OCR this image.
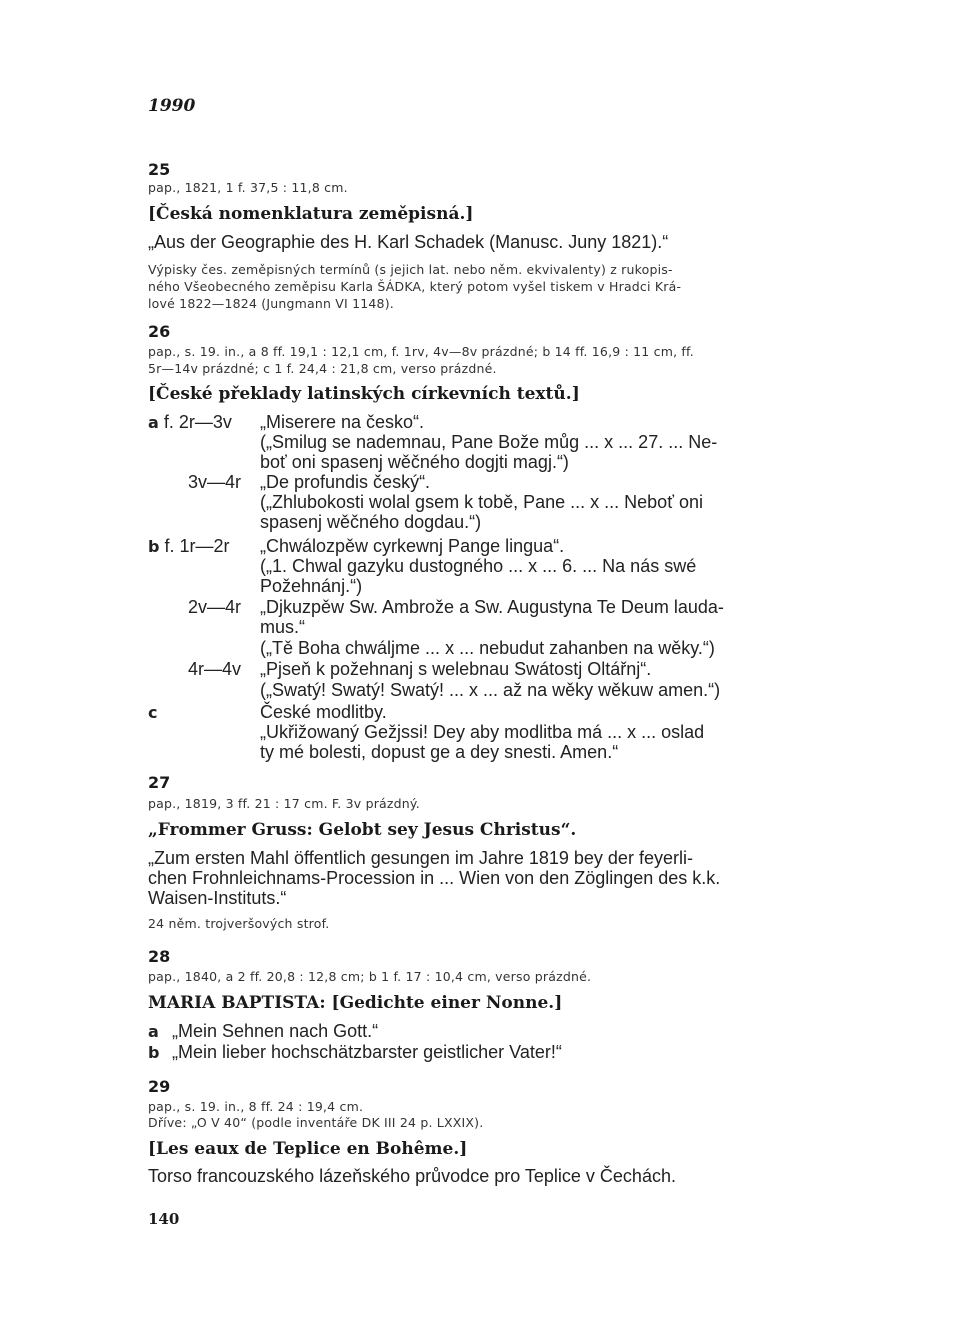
1990
25
pap., 1821, 1 f. 37,5 : 11,8 cm.
[Česká nomenklatura zeměpisná.]
„Aus der Geographie des H. Karl Schadek (Manusc. Juny 1821).“
Výpisky čes. zeměpisných termínů (s jejich lat. nebo něm. ekvivalenty) z rukopis-
ného Všeobecného zeměpisu Karla ŠÁDKA, který potom vyšel tiskem v Hradci Krá-
lové 1822—1824 (Jungmann VI 1148).
26
pap., s. 19. in., a 8 ff. 19,1 : 12,1 cm, f. 1rv, 4v—8v prázdné; b 14 ff. 16,9 : 11 cm, ff.
5r—14v prázdné; c 1 f. 24,4 : 21,8 cm, verso prázdné.
[České překlady latinských církevních textů.]
a f. 2r—3v „Miserere na česko“.
(„Smilug se nademnau, Pane Bože můg ... x ... 27. ... Ne-
boť oni spasenj wěčného dogjti magj.“)
3v—4r „De profundis český“.
(„Zhlubokosti wolal gsem k tobě, Pane ... x ... Neboť oni
spasenj wěčného dogdau.“)
b f. 1r—2r „Chwálozpěw cyrkewnj Pange lingua“.
(„1. Chwal gazyku dustogného ... x ... 6. ... Na nás swé
Požehnánj.“)
2v—4r „Djkuzpěw Sw. Ambrože a Sw. Augustyna Te Deum lauda-
mus.“
(„Tě Boha chwáljme ... x ... nebudut zahanben na wěky.“)
4r—4v „Pjseň k požehnanj s welebnau Swátostj Oltářnj“.
(„Swatý! Swatý! Swatý! ... x ... až na wěky wěkuw amen.“)
c	České modlitby.
„Ukřižowaný Gežjssi! Dey aby modlitba má ... x ... oslad
ty mé bolesti, dopust ge a dey snesti. Amen.“
27
pap., 1819, 3 ff. 21 : 17 cm. F. 3v prázdný.
„Frommer Gruss: Gelobt sey Jesus Christus“.
„Zum ersten Mahl öffentlich gesungen im Jahre 1819 bey der feyerli-
chen Frohnleichnams-Procession in ... Wien von den Zöglingen des k.k.
Waisen-Instituts.“
24 něm. trojveršových strof.
28
pap., 1840, a 2 ff. 20,8 : 12,8 cm; b 1 f. 17 : 10,4 cm, verso prázdné.
MARIA BAPTISTA: [Gedichte einer Nonne.]
a „Mein Sehnen nach Gott.“
b „Mein lieber hochschätzbarster geistlicher Vater!“
29
pap., s. 19. in., 8 ff. 24 : 19,4 cm.
Dříve: „O V 40“ (podle inventáře DK III 24 p. LXXIX).
[Les eaux de Teplice en Bohême.]
Torso francouzského lázeňského průvodce pro Teplice v Čechách.
140
